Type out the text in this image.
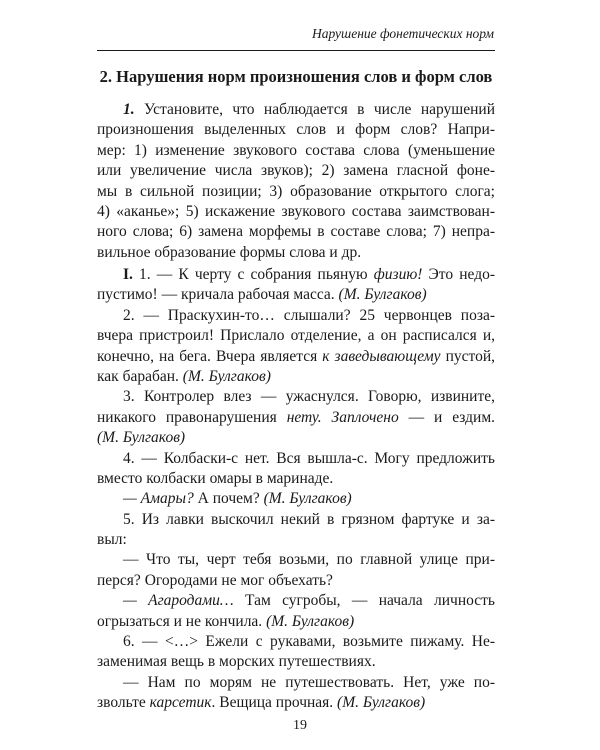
Нарушение фонетических норм
2. Нарушения норм произношения слов и форм слов
1. Установите, что наблюдается в числе нарушений
произношения выделенных слов и форм слов? Напри-
мер: 1) изменение звукового состава слова (уменьшение
или увеличение числа звуков); 2) замена гласной фоне-
мы в сильной позиции; 3) образование открытого слога;
4) «аканье»; 5) искажение звукового состава заимствован-
ного слова; 6) замена морфемы в составе слова; 7) непра-
вильное образование формы слова и др.
I. 1. — К черту с собрания пьяную физию! Это недо-
пустимо! — кричала рабочая масса. (М. Булгаков)
2. — Праскухин-то… слышали? 25 червонцев поза-
вчера пристроил! Прислало отделение, а он расписался и,
конечно, на бега. Вчера является к заведывающему пустой,
как барабан. (М. Булгаков)
3. Контролер влез — ужаснулся. Говорю, извините,
никакого правонарушения нету. Заплочено — и ездим.
(М. Булгаков)
4. — Колбаски-с нет. Вся вышла-с. Могу предложить
вместо колбаски омары в маринаде.
— Амары? А почем? (М. Булгаков)
5. Из лавки выскочил некий в грязном фартуке и за-
выл:
— Что ты, черт тебя возьми, по главной улице при-
перся? Огородами не мог объехать?
— Агародами… Там сугробы, — начала личность
огрызаться и не кончила. (М. Булгаков)
6. — <…> Ежели с рукавами, возьмите пижаму. Не-
заменимая вещь в морских путешествиях.
— Нам по морям не путешествовать. Нет, уже по-
звольте карсетик. Вещица прочная. (М. Булгаков)
19
